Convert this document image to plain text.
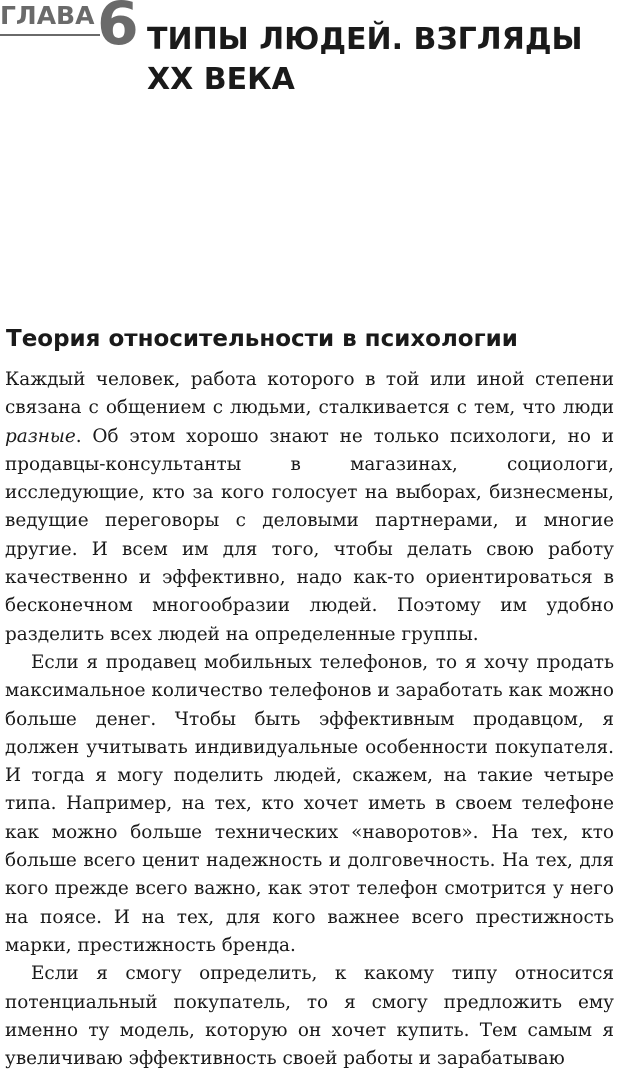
ГЛАВА 6 ТИПЫ ЛЮДЕЙ. ВЗГЛЯДЫ XX ВЕКА
Теория относительности в психологии

Каждый человек, работа которого в той или иной степени связана с общением с людьми, сталкивается с тем, что люди разные. Об этом хорошо знают не только психологи, но и продавцы-консультанты в магазинах, социологи, исследующие, кто за кого голосует на выборах, бизнесмены, ведущие переговоры с деловыми партнерами, и многие другие. И всем им для того, чтобы делать свою работу качественно и эффективно, надо как-то ориентироваться в бесконечном многообразии людей. Поэтому им удобно разделить всех людей на определенные группы.

Если я продавец мобильных телефонов, то я хочу продать максимальное количество телефонов и заработать как можно больше денег. Чтобы быть эффективным продавцом, я должен учитывать индивидуальные особенности покупателя. И тогда я могу поделить людей, скажем, на такие четыре типа. Например, на тех, кто хочет иметь в своем телефоне как можно больше технических «наворотов». На тех, кто больше всего ценит надежность и долговечность. На тех, для кого прежде всего важно, как этот телефон смотрится у него на поясе. И на тех, для кого важнее всего престижность марки, престижность бренда.

Если я смогу определить, к какому типу относится потенциальный покупатель, то я смогу предложить ему именно ту модель, которую он хочет купить. Тем самым я увеличиваю эффективность своей работы и зарабатываю
